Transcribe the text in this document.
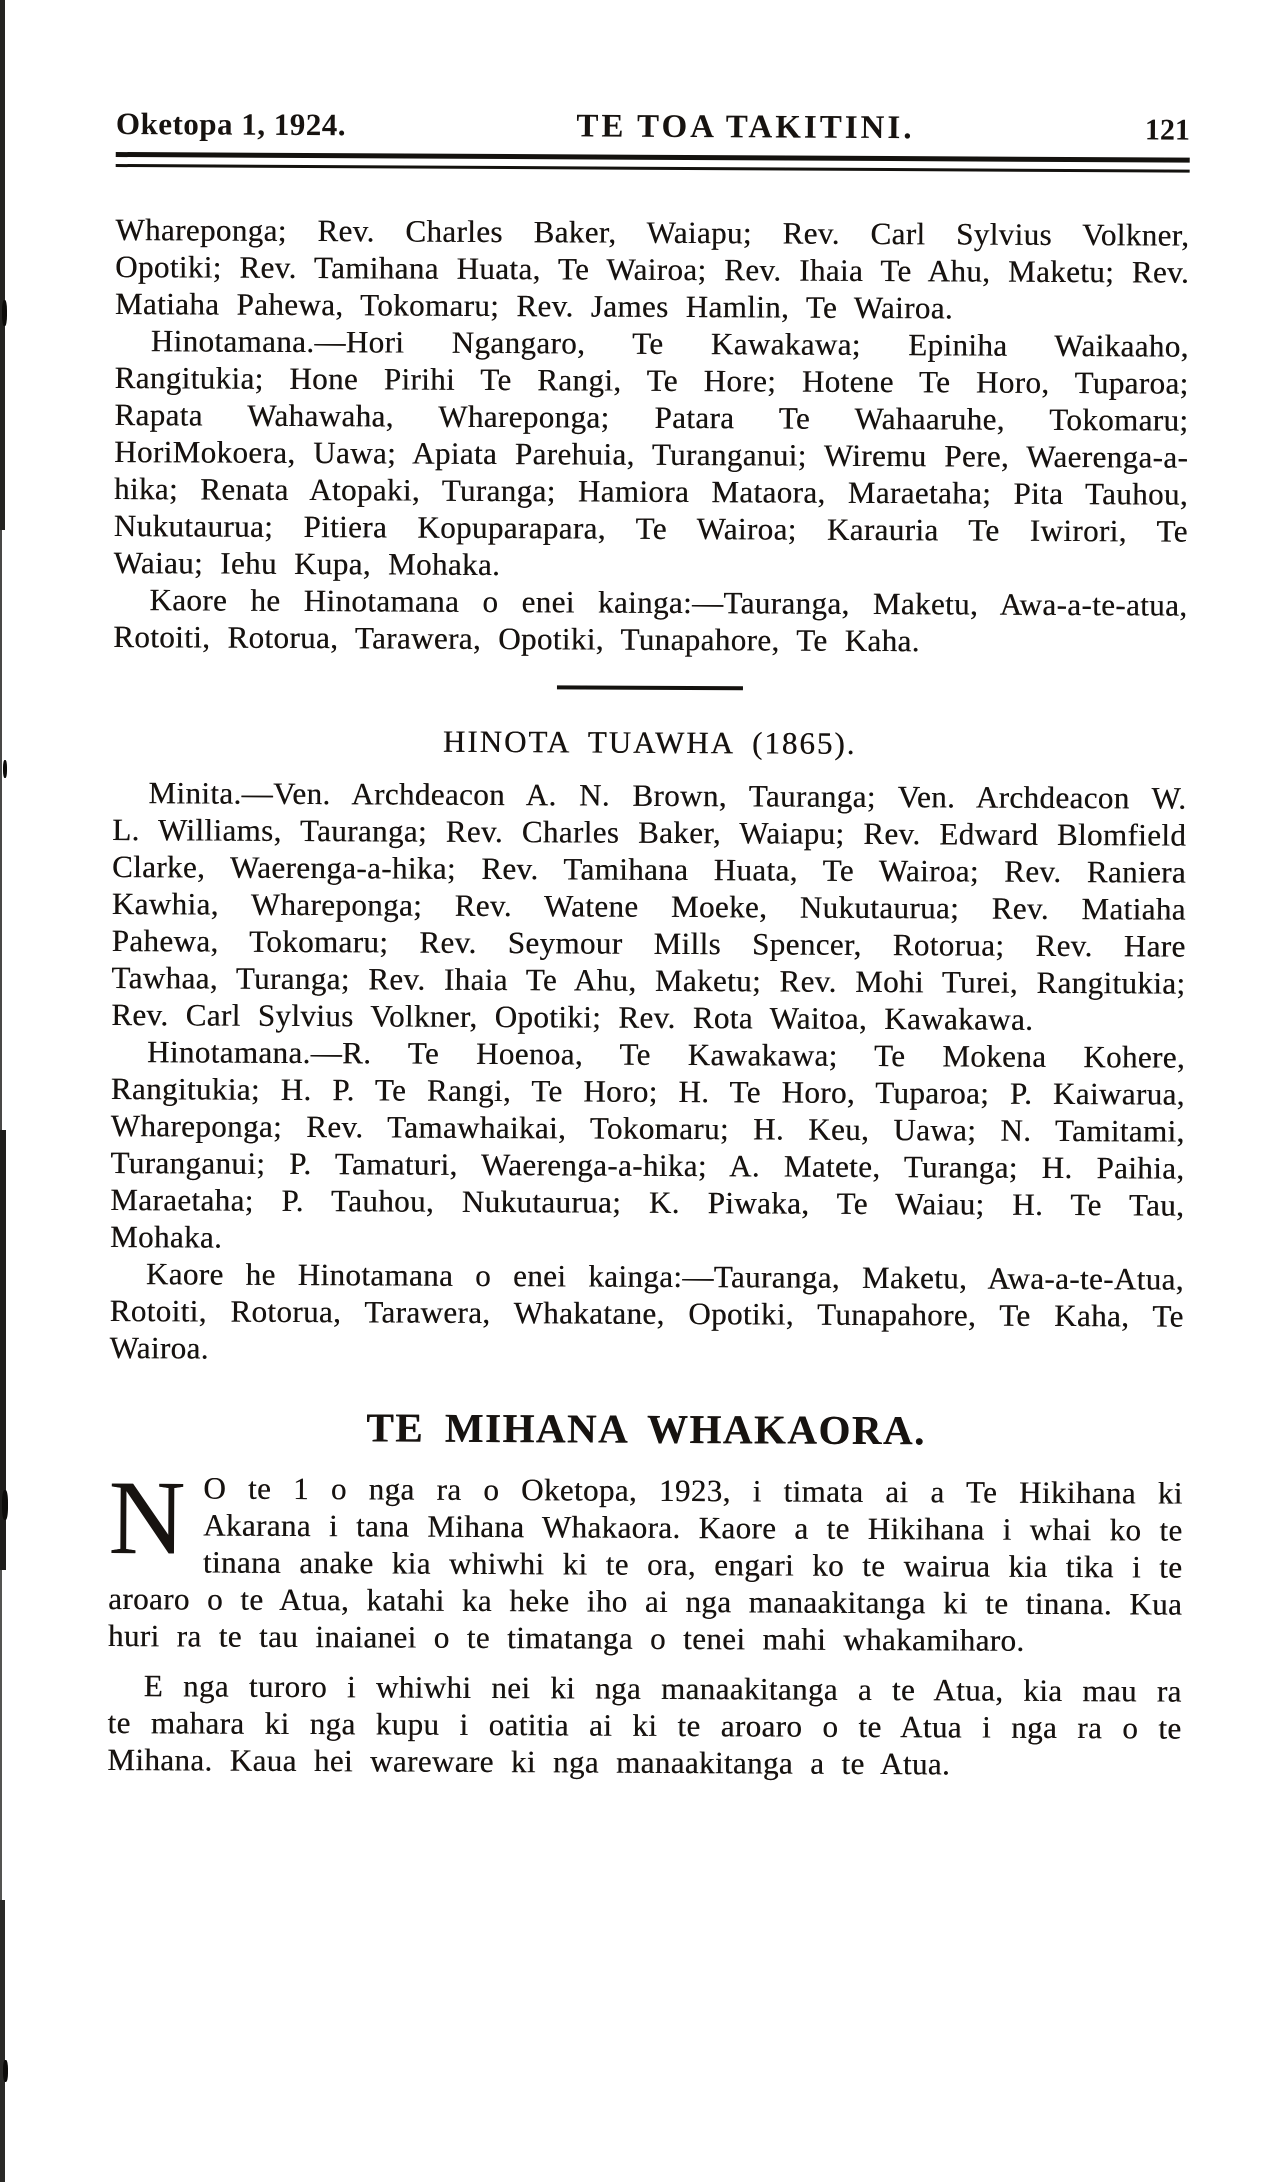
Oketopa 1, 1924.	TE TOA TAKITINI.	121

Whareponga; Rev. Charles Baker, Waiapu; Rev. Carl Sylvius Volkner, Opotiki; Rev. Tamihana Huata, Te Wairoa; Rev. Ihaia Te Ahu, Maketu; Rev. Matiaha Pahewa, Tokomaru; Rev. James Hamlin, Te Wairoa.

Hinotamana.—Hori Ngangaro, Te Kawakawa; Epiniha Waikaaho, Rangitukia; Hone Pirihi Te Rangi, Te Hore; Hotene Te Horo, Tuparoa; Rapata Wahawaha, Whareponga; Patara Te Wahaaruhe, Tokomaru; HoriMokoera, Uawa; Apiata Parehuia, Turanganui; Wiremu Pere, Waerenga-a-hika; Renata Atopaki, Turanga; Hamiora Mataora, Maraetaha; Pita Tauhou, Nukutaurua; Pitiera Kopuparapara, Te Wairoa; Karauria Te Iwirori, Te Waiau; Iehu Kupa, Mohaka.

Kaore he Hinotamana o enei kainga:—Tauranga, Maketu, Awa-a-te-atua, Rotoiti, Rotorua, Tarawera, Opotiki, Tunapahore, Te Kaha.

HINOTA TUAWHA (1865).

Minita.—Ven. Archdeacon A. N. Brown, Tauranga; Ven. Archdeacon W. L. Williams, Tauranga; Rev. Charles Baker, Waiapu; Rev. Edward Blomfield Clarke, Waerenga-a-hika; Rev. Tamihana Huata, Te Wairoa; Rev. Raniera Kawhia, Whareponga; Rev. Watene Moeke, Nukutaurua; Rev. Matiaha Pahewa, Tokomaru; Rev. Seymour Mills Spencer, Rotorua; Rev. Hare Tawhaa, Turanga; Rev. Ihaia Te Ahu, Maketu; Rev. Mohi Turei, Rangitukia; Rev. Carl Sylvius Volkner, Opotiki; Rev. Rota Waitoa, Kawakawa.

Hinotamana.—R. Te Hoenoa, Te Kawakawa; Te Mokena Kohere, Rangitukia; H. P. Te Rangi, Te Horo; H. Te Horo, Tuparoa; P. Kaiwarua, Whareponga; Rev. Tamawhaikai, Tokomaru; H. Keu, Uawa; N. Tamitami, Turanganui; P. Tamaturi, Waerenga-a-hika; A. Matete, Turanga; H. Paihia, Maraetaha; P. Tauhou, Nukutaurua; K. Piwaka, Te Waiau; H. Te Tau, Mohaka.

Kaore he Hinotamana o enei kainga:—Tauranga, Maketu, Awa-a-te-Atua, Rotoiti, Rotorua, Tarawera, Whakatane, Opotiki, Tunapahore, Te Kaha, Te Wairoa.

TE MIHANA WHAKAORA.

N O te 1 o nga ra o Oketopa, 1923, i timata ai a Te Hikihana ki Akarana i tana Mihana Whakaora. Kaore a te Hikihana i whai ko te tinana anake kia whiwhi ki te ora, engari ko te wairua kia tika i te aroaro o te Atua, katahi ka heke iho ai nga manaakitanga ki te tinana. Kua huri ra te tau inaianei o te timatanga o tenei mahi whakamiharo.

E nga turoro i whiwhi nei ki nga manaakitanga a te Atua, kia mau ra te mahara ki nga kupu i oatitia ai ki te aroaro o te Atua i nga ra o te Mihana. Kaua hei wareware ki nga manaakitanga a te Atua.
